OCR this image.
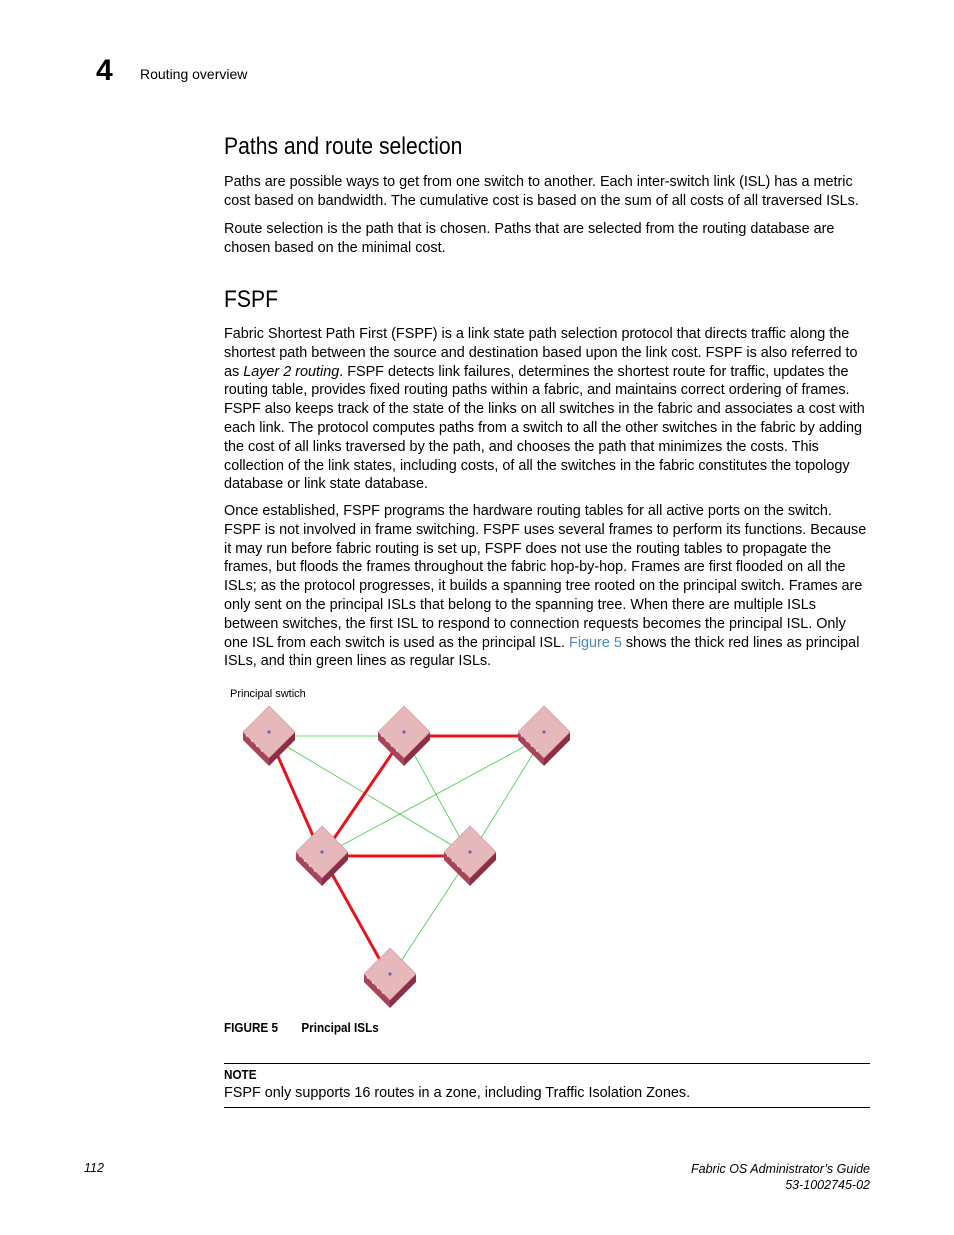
4 Routing overview
Paths and route selection

Paths are possible ways to get from one switch to another. Each inter-switch link (ISL) has a metric cost based on bandwidth. The cumulative cost is based on the sum of all costs of all traversed ISLs.

Route selection is the path that is chosen. Paths that are selected from the routing database are chosen based on the minimal cost.

FSPF

Fabric Shortest Path First (FSPF) is a link state path selection protocol that directs traffic along the shortest path between the source and destination based upon the link cost. FSPF is also referred to as Layer 2 routing. FSPF detects link failures, determines the shortest route for traffic, updates the routing table, provides fixed routing paths within a fabric, and maintains correct ordering of frames. FSPF also keeps track of the state of the links on all switches in the fabric and associates a cost with each link. The protocol computes paths from a switch to all the other switches in the fabric by adding the cost of all links traversed by the path, and chooses the path that minimizes the costs. This collection of the link states, including costs, of all the switches in the fabric constitutes the topology database or link state database.

Once established, FSPF programs the hardware routing tables for all active ports on the switch. FSPF is not involved in frame switching. FSPF uses several frames to perform its functions. Because it may run before fabric routing is set up, FSPF does not use the routing tables to propagate the frames, but floods the frames throughout the fabric hop-by-hop. Frames are first flooded on all the ISLs; as the protocol progresses, it builds a spanning tree rooted on the principal switch. Frames are only sent on the principal ISLs that belong to the spanning tree. When there are multiple ISLs between switches, the first ISL to respond to connection requests becomes the principal ISL. Only one ISL from each switch is used as the principal ISL. Figure 5 shows the thick red lines as principal ISLs, and thin green lines as regular ISLs.

Principal swtich
FIGURE 5 Principal ISLs
NOTE
FSPF only supports 16 routes in a zone, including Traffic Isolation Zones.
112	Fabric OS Administrator’s Guide
53-1002745-02
